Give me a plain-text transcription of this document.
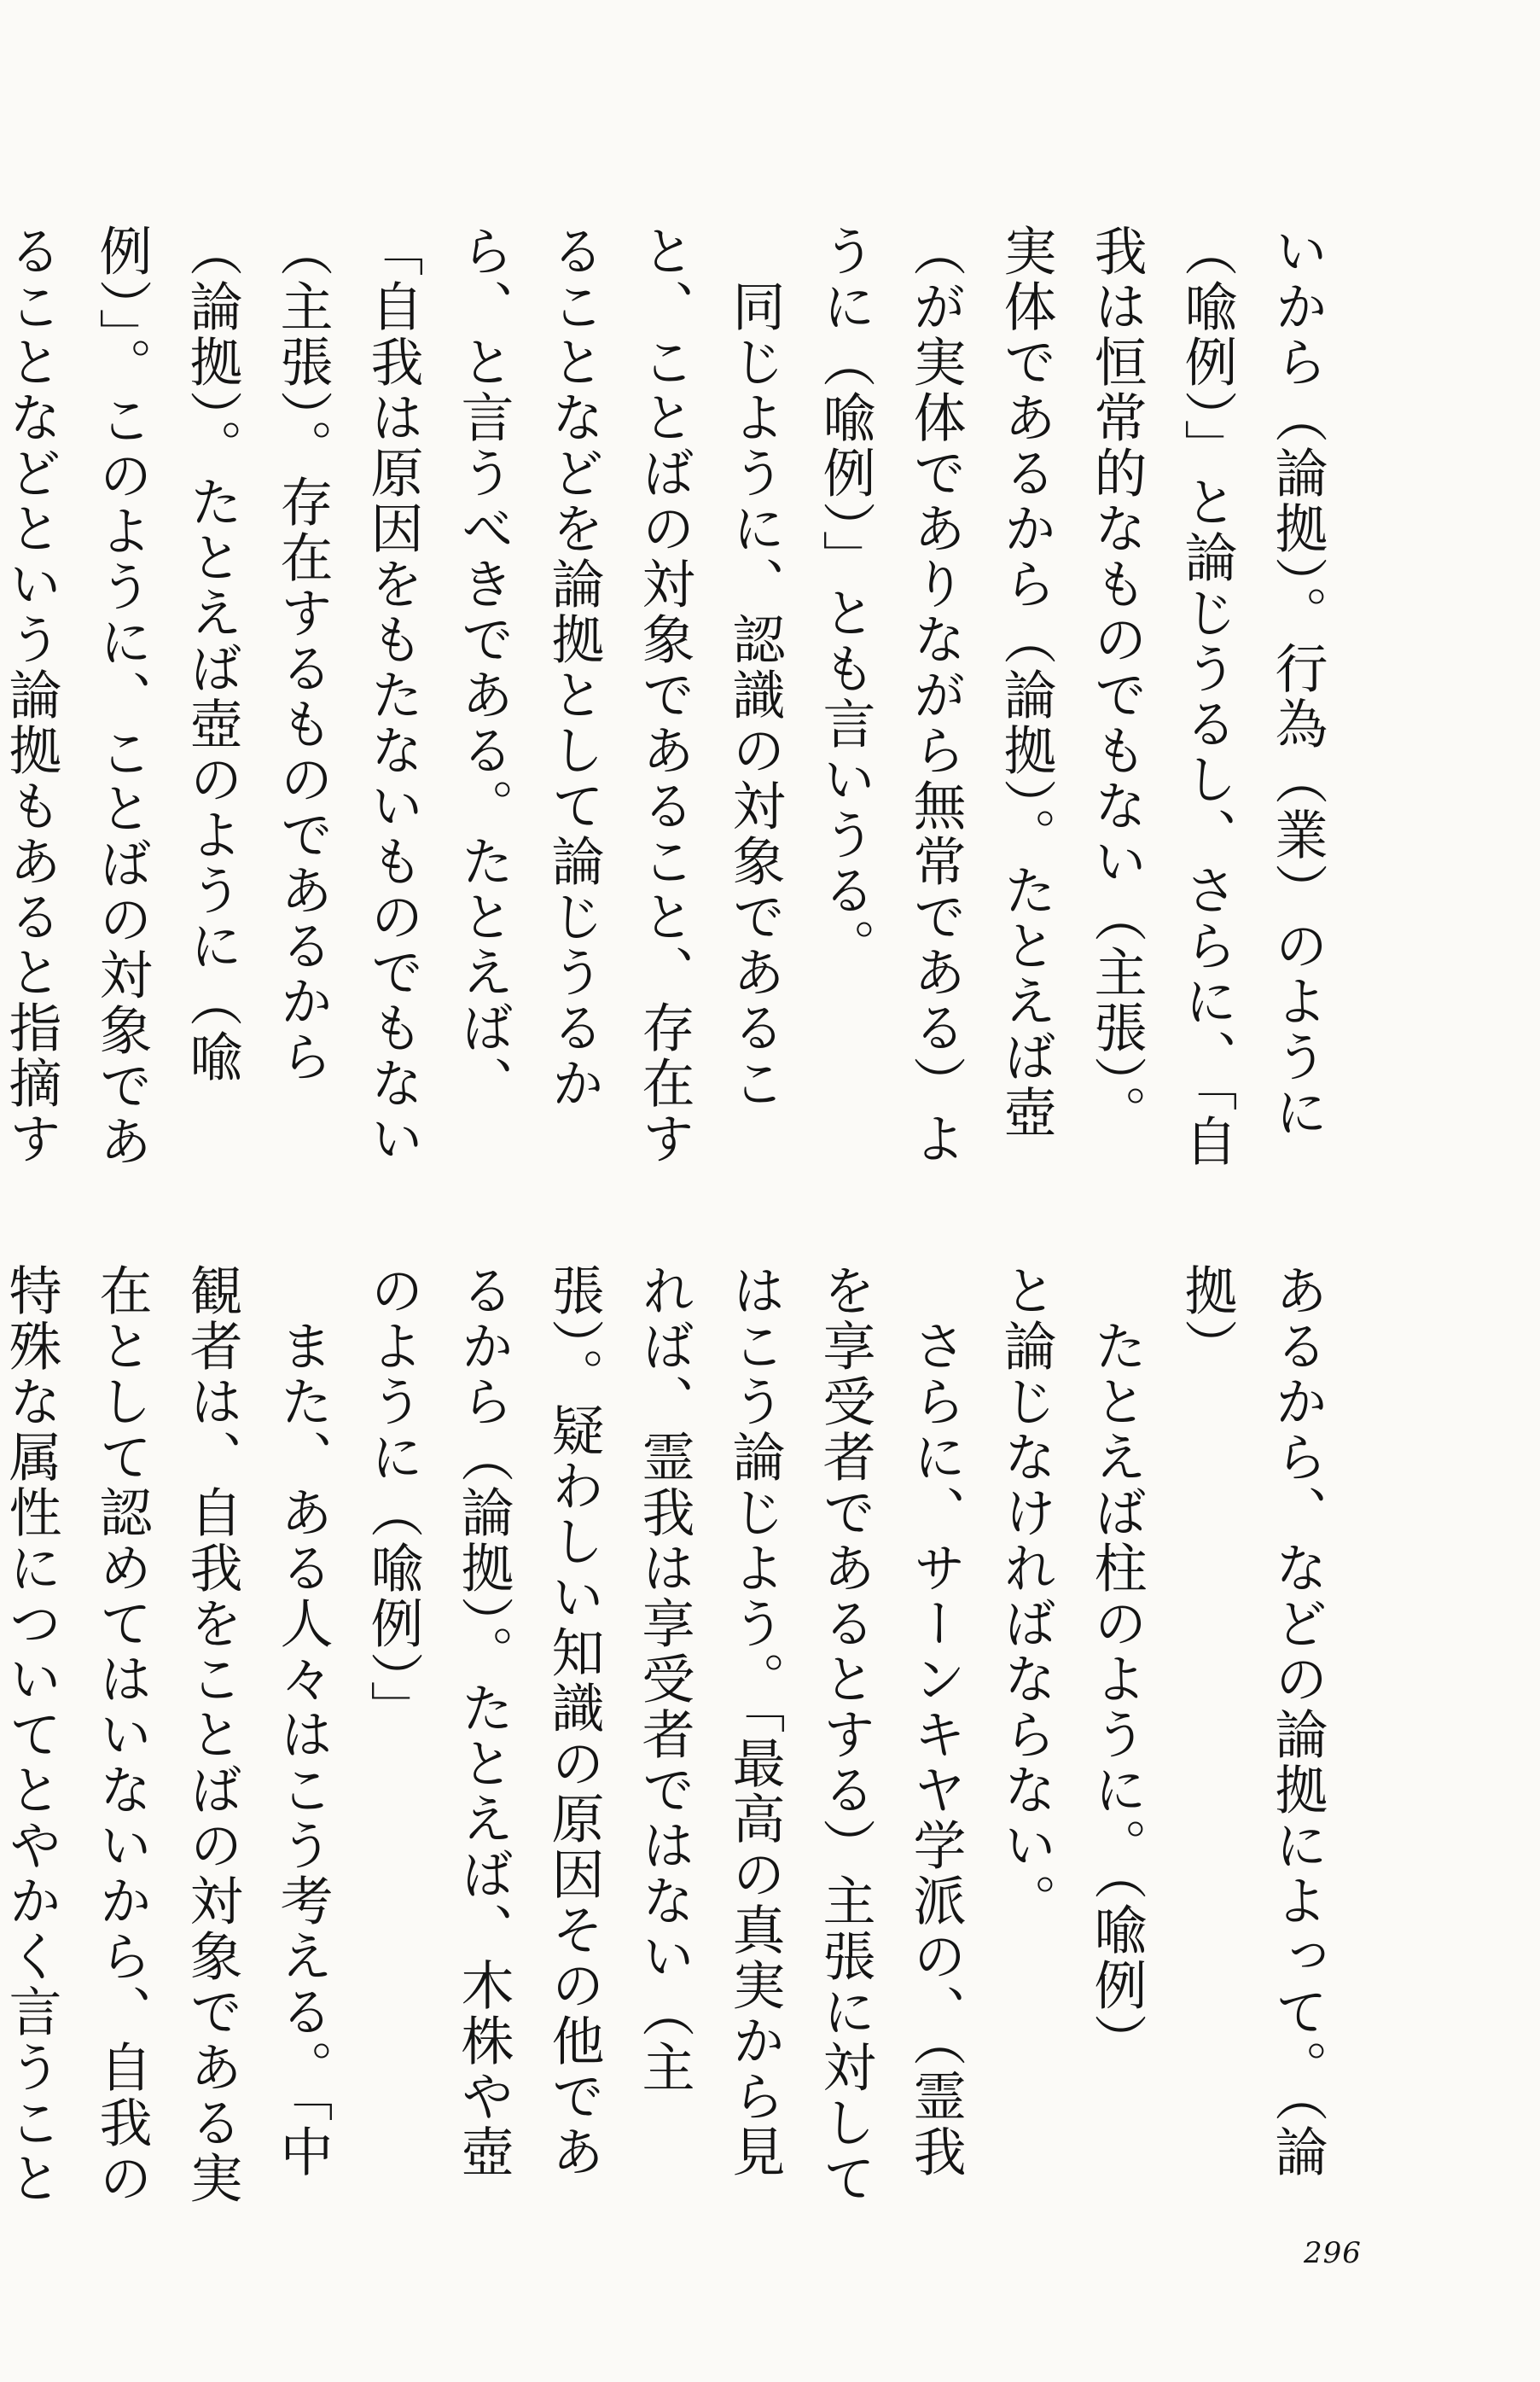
いから（論拠）。行為（業）のように（喩例）」と論じうるし、さらに、「自我は恒常的なものでもない（主張）。実体であるから（論拠）。たとえば壺（が実体でありながら無常である）ように（喩例）」とも言いうる。

　同じように、認識の対象であること、ことばの対象であること、存在することなどを論拠として論じうるから、と言うべきである。たとえば、「自我は原因をもたないものでもない（主張）。存在するものであるから（論拠）。たとえば壺のように（喩例）」。このように、ことばの対象であることなどという論拠もあると指摘す

あるから、などの論拠によって。（論拠）

　たとえば柱のように。（喩例）

と論じなければならない。

　さらに、サーンキヤ学派の、（霊我を享受者であるとする）主張に対してはこう論じよう。「最高の真実から見れば、霊我は享受者ではない（主張）。疑わしい知識の原因その他であるから（論拠）。たとえば、木株や壺のように（喩例）」

　また、ある人々はこう考える。「中観者は、自我をことばの対象である実在として認めてはいないから、自我の特殊な属性についてとやかく言うこと

296
